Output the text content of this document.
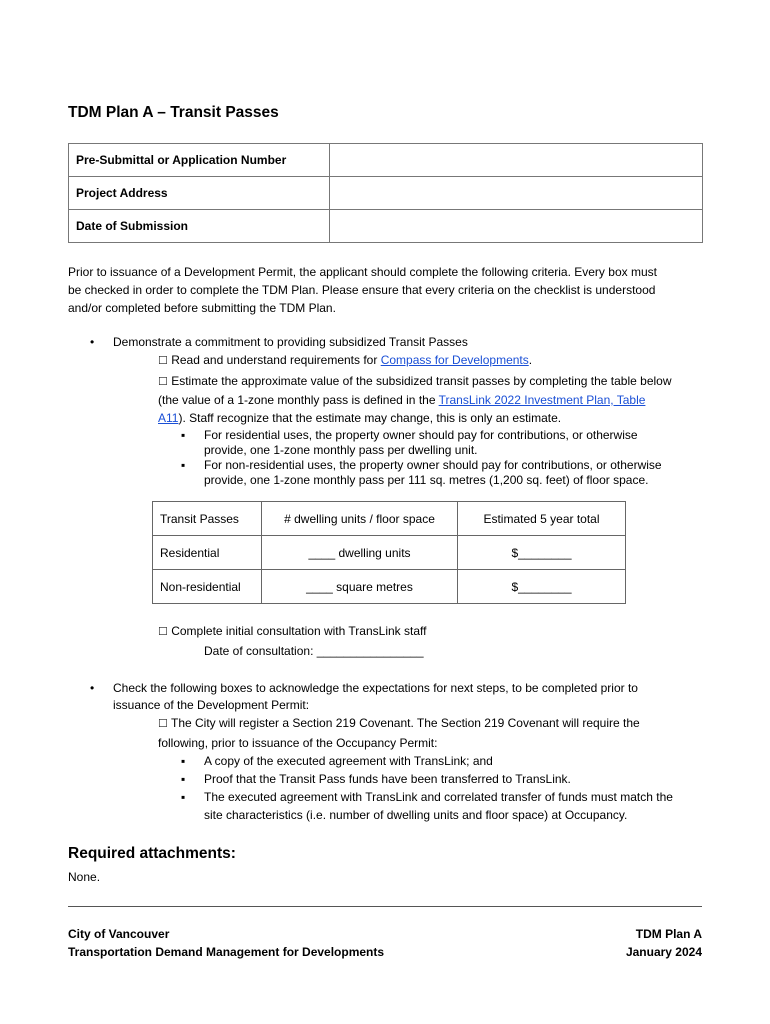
TDM Plan A – Transit Passes
Pre-Submittal or Application Number	
Project Address	
Date of Submission	
Prior to issuance of a Development Permit, the applicant should complete the following criteria. Every box must
be checked in order to complete the TDM Plan. Please ensure that every criteria on the checklist is understood
and/or completed before submitting the TDM Plan.
• Demonstrate a commitment to providing subsidized Transit Passes
☐ Read and understand requirements for Compass for Developments.
☐ Estimate the approximate value of the subsidized transit passes by completing the table below
(the value of a 1-zone monthly pass is defined in the TransLink 2022 Investment Plan, Table
A11). Staff recognize that the estimate may change, this is only an estimate.
▪ For residential uses, the property owner should pay for contributions, or otherwise
provide, one 1-zone monthly pass per dwelling unit.
▪ For non-residential uses, the property owner should pay for contributions, or otherwise
provide, one 1-zone monthly pass per 111 sq. metres (1,200 sq. feet) of floor space.
Transit Passes	# dwelling units / floor space	Estimated 5 year total
Residential	____ dwelling units	$________
Non-residential	____ square metres	$________
☐ Complete initial consultation with TransLink staff
Date of consultation: ________________
• Check the following boxes to acknowledge the expectations for next steps, to be completed prior to
issuance of the Development Permit:
☐ The City will register a Section 219 Covenant. The Section 219 Covenant will require the
following, prior to issuance of the Occupancy Permit:
▪ A copy of the executed agreement with TransLink; and
▪ Proof that the Transit Pass funds have been transferred to TransLink.
▪ The executed agreement with TransLink and correlated transfer of funds must match the
site characteristics (i.e. number of dwelling units and floor space) at Occupancy.
Required attachments:
None.
City of Vancouver
Transportation Demand Management for Developments
TDM Plan A
January 2024
